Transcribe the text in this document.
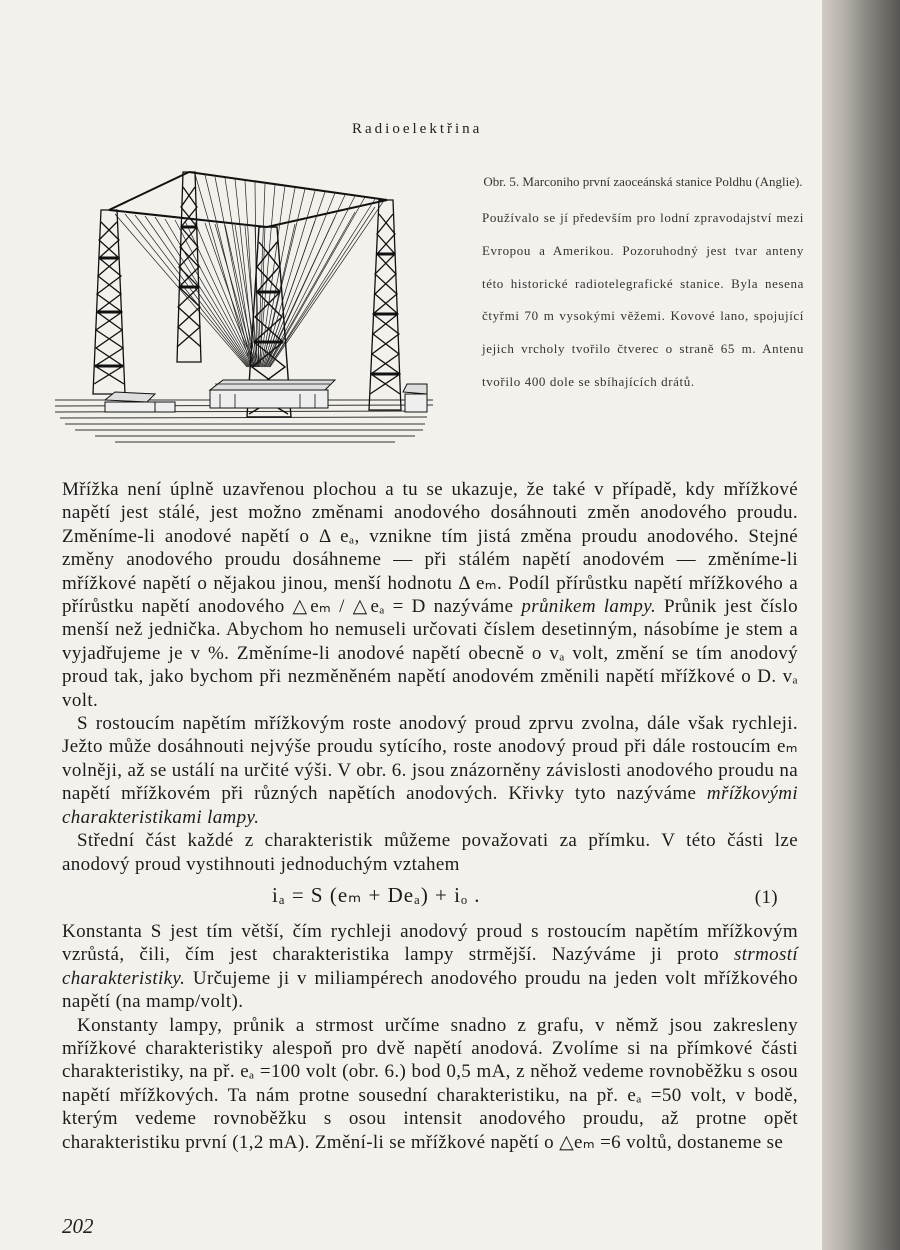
Radioelektřina
Obr. 5. Marconiho první zaoceánská stanice Poldhu (Anglie).
Používalo se jí především pro lodní zpravodajství mezi Evropou a Amerikou. Pozoruhodný jest tvar anteny této historické radiotelegrafické stanice. Byla nesena čtyřmi 70 m vysokými věžemi. Kovové lano, spojující jejich vrcholy tvořilo čtverec o straně 65 m. Antenu tvořilo 400 dole se sbíhajících drátů.

Mřížka není úplně uzavřenou plochou a tu se ukazuje, že také v případě, kdy mřížkové napětí jest stálé, jest možno změnami anodového dosáhnouti změn anodového proudu. Změníme-li anodové napětí o Δ eₐ, vznikne tím jistá změna proudu anodového. Stejné změny anodového proudu dosáhneme — při stálém napětí anodovém — změníme-li mřížkové napětí o nějakou jinou, menší hodnotu Δ eₘ. Podíl přírůstku napětí mřížkového a přírůstku napětí anodového △eₘ / △eₐ = D nazýváme průnikem lampy. Průnik jest číslo menší než jednička. Abychom ho nemuseli určovati číslem desetinným, násobíme je stem a vyjadřujeme je v %. Změníme-li anodové napětí obecně o vₐ volt, změní se tím anodový proud tak, jako bychom při nezměněném napětí anodovém změnili napětí mřížkové o D. vₐ volt.

S rostoucím napětím mřížkovým roste anodový proud zprvu zvolna, dále však rychleji. Ježto může dosáhnouti nejvýše proudu sytícího, roste anodový proud při dále rostoucím eₘ volněji, až se ustálí na určité výši. V obr. 6. jsou znázorněny závislosti anodového proudu na napětí mřížkovém při různých napětích anodových. Křivky tyto nazýváme mřížkovými charakteristikami lampy.

Střední část každé z charakteristik můžeme považovati za přímku. V této části lze anodový proud vystihnouti jednoduchým vztahem

iₐ = S (eₘ + Deₐ) + iₒ .	(1)

Konstanta S jest tím větší, čím rychleji anodový proud s rostoucím napětím mřížkovým vzrůstá, čili, čím jest charakteristika lampy strmější. Nazýváme ji proto strmostí charakteristiky. Určujeme ji v miliampérech anodového proudu na jeden volt mřížkového napětí (na mamp/volt).

Konstanty lampy, průnik a strmost určíme snadno z grafu, v němž jsou zakresleny mřížkové charakteristiky alespoň pro dvě napětí anodová. Zvolíme si na přímkové části charakteristiky, na př. eₐ =100 volt (obr. 6.) bod 0,5 mA, z něhož vedeme rovnoběžku s osou napětí mřížkových. Ta nám protne sousední charakteristiku, na př. eₐ =50 volt, v bodě, kterým vedeme rovnoběžku s osou intensit anodového proudu, až protne opět charakteristiku první (1,2 mA). Změní-li se mřížkové napětí o △eₘ =6 voltů, dostaneme se

202
